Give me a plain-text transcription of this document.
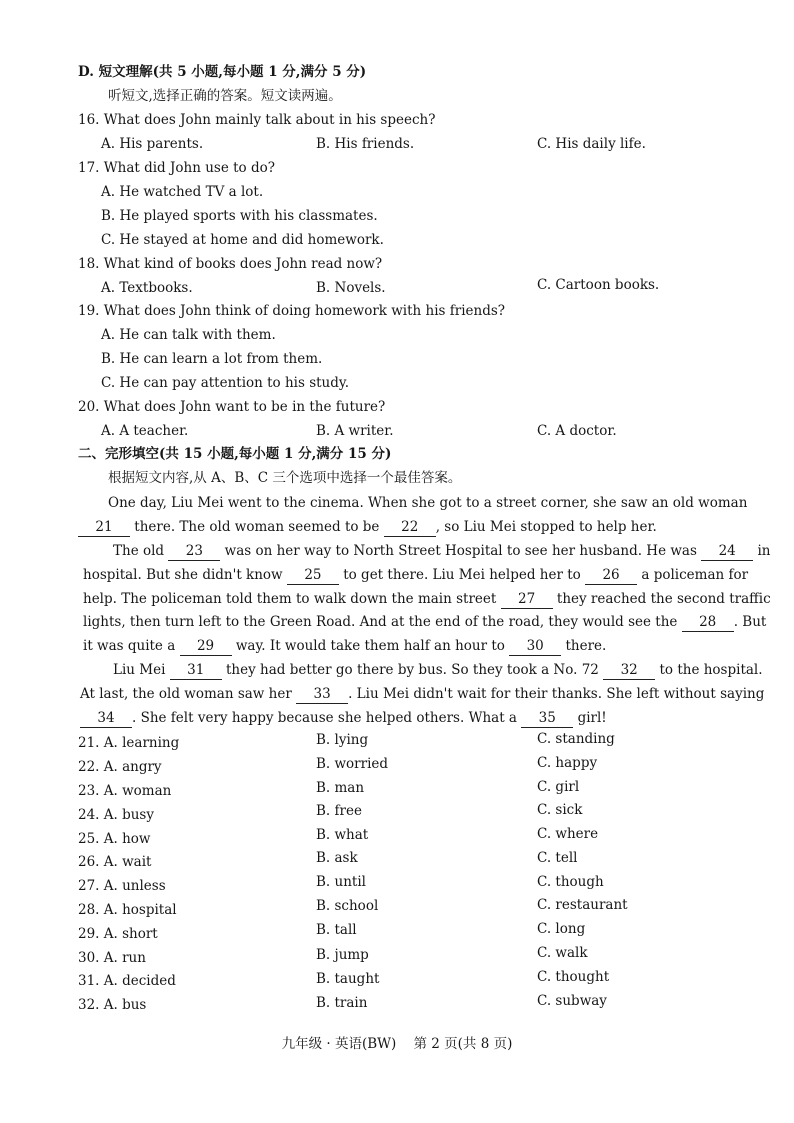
D. 短文理解(共 5 小题,每小题 1 分,满分 5 分)
听短文,选择正确的答案。短文读两遍。
16. What does John mainly talk about in his speech?
A. His parents.	B. His friends.	C. His daily life.
17. What did John use to do?
A. He watched TV a lot.
B. He played sports with his classmates.
C. He stayed at home and did homework.
18. What kind of books does John read now?
A. Textbooks.	B. Novels.	C. Cartoon books.
19. What does John think of doing homework with his friends?
A. He can talk with them.
B. He can learn a lot from them.
C. He can pay attention to his study.
20. What does John want to be in the future?
A. A teacher.	B. A writer.	C. A doctor.
二、完形填空(共 15 小题,每小题 1 分,满分 15 分)
根据短文内容,从 A、B、C 三个选项中选择一个最佳答案。
One day, Liu Mei went to the cinema. When she got to a street corner, she saw an old woman
21 there. The old woman seemed to be 22 , so Liu Mei stopped to help her.
The old 23 was on her way to North Street Hospital to see her husband. He was 24 in
hospital. But she didn't know 25 to get there. Liu Mei helped her to 26 a policeman for
help. The policeman told them to walk down the main street 27 they reached the second traffic
lights, then turn left to the Green Road. And at the end of the road, they would see the 28 . But
it was quite a 29 way. It would take them half an hour to 30 there.
Liu Mei 31 they had better go there by bus. So they took a No. 72 32 to the hospital.
At last, the old woman saw her 33 . Liu Mei didn't wait for their thanks. She left without saying
34 . She felt very happy because she helped others. What a 35 girl!
21. A. learning	B. lying	C. standing
22. A. angry	B. worried	C. happy
23. A. woman	B. man	C. girl
24. A. busy	B. free	C. sick
25. A. how	B. what	C. where
26. A. wait	B. ask	C. tell
27. A. unless	B. until	C. though
28. A. hospital	B. school	C. restaurant
29. A. short	B. tall	C. long
30. A. run	B. jump	C. walk
31. A. decided	B. taught	C. thought
32. A. bus	B. train	C. subway
九年级 · 英语(BW)    第 2 页(共 8 页)
